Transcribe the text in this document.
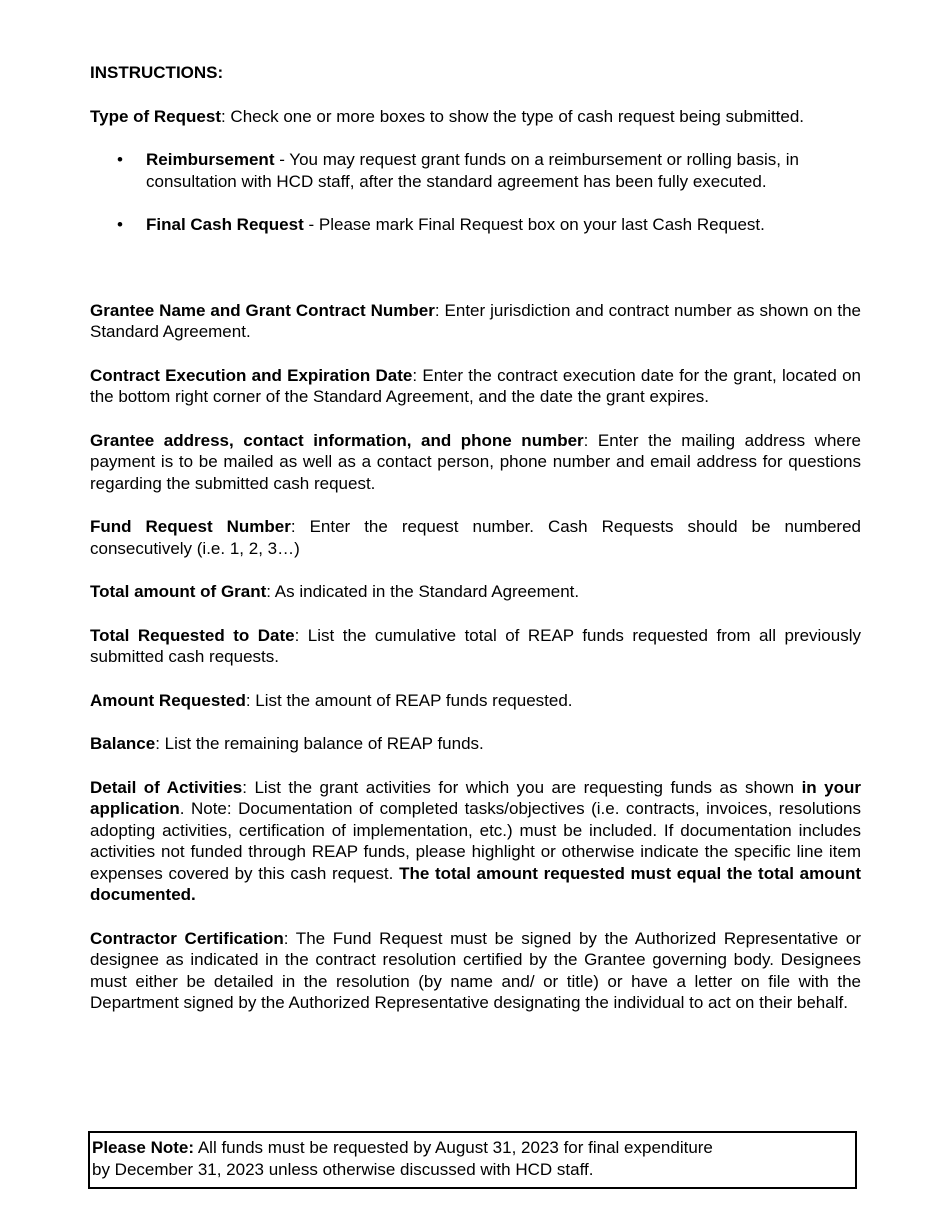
INSTRUCTIONS:

Type of Request: Check one or more boxes to show the type of cash request being submitted.

• Reimbursement - You may request grant funds on a reimbursement or rolling basis, in consultation with HCD staff, after the standard agreement has been fully executed.
• Final Cash Request - Please mark Final Request box on your last Cash Request.

Grantee Name and Grant Contract Number: Enter jurisdiction and contract number as shown on the Standard Agreement.

Contract Execution and Expiration Date: Enter the contract execution date for the grant, located on the bottom right corner of the Standard Agreement, and the date the grant expires.

Grantee address, contact information, and phone number: Enter the mailing address where payment is to be mailed as well as a contact person, phone number and email address for questions regarding the submitted cash request.

Fund Request Number: Enter the request number. Cash Requests should be numbered consecutively (i.e. 1, 2, 3…)

Total amount of Grant: As indicated in the Standard Agreement.

Total Requested to Date: List the cumulative total of REAP funds requested from all previously submitted cash requests.

Amount Requested: List the amount of REAP funds requested.

Balance: List the remaining balance of REAP funds.

Detail of Activities: List the grant activities for which you are requesting funds as shown in your application. Note: Documentation of completed tasks/objectives (i.e. contracts, invoices, resolutions adopting activities, certification of implementation, etc.) must be included. If documentation includes activities not funded through REAP funds, please highlight or otherwise indicate the specific line item expenses covered by this cash request. The total amount requested must equal the total amount documented.

Contractor Certification: The Fund Request must be signed by the Authorized Representative or designee as indicated in the contract resolution certified by the Grantee governing body. Designees must either be detailed in the resolution (by name and/ or title) or have a letter on file with the Department signed by the Authorized Representative designating the individual to act on their behalf.

Please Note: All funds must be requested by August 31, 2023 for final expenditure

by December 31, 2023 unless otherwise discussed with HCD staff.
